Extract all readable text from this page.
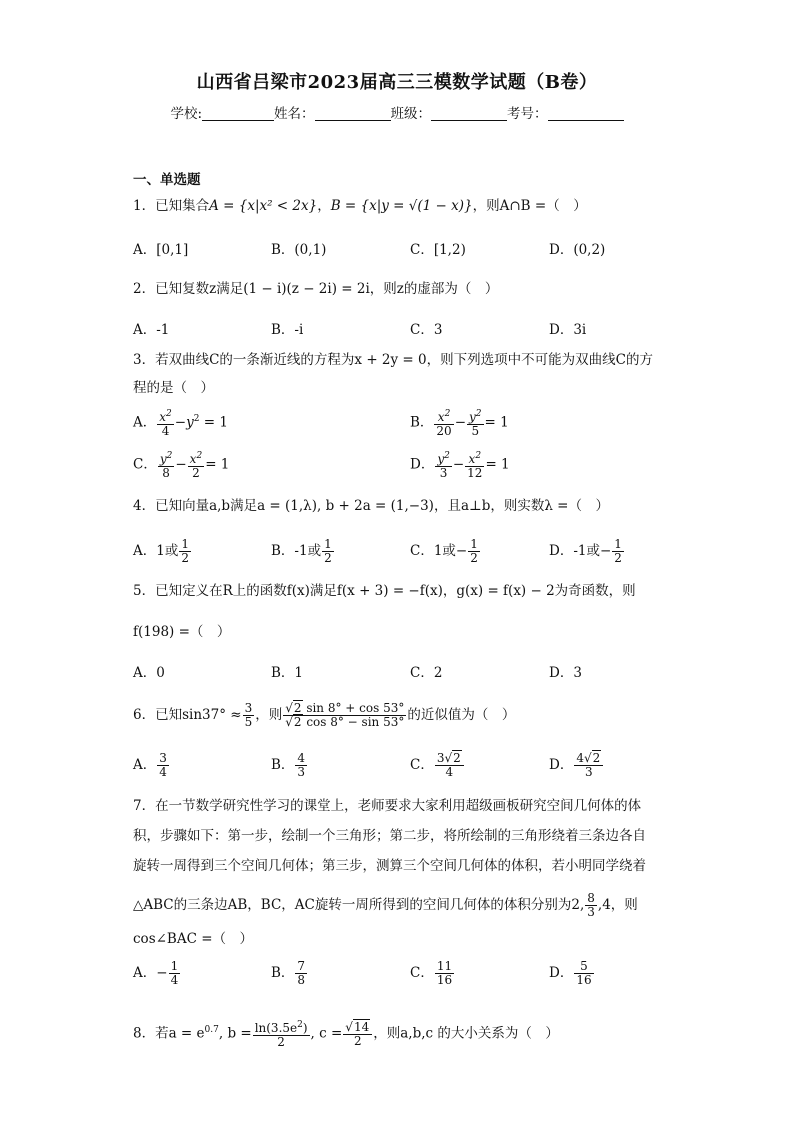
山西省吕梁市2023届高三三模数学试题（B卷）
学校:	姓名：	班级：	考号：
一、单选题
1．已知集合A = {x|x² < 2x}，B = {x|y = √(1 − x)}，则A∩B =（　）
A．[0,1]	B．(0,1)	C．[1,2)	D．(0,2)
2．已知复数z满足(1 − i)(z − 2i) = 2i，则z的虚部为（　）
A．-1	B．-i	C．3	D．3i
3．若双曲线C的一条渐近线的方程为x + 2y = 0，则下列选项中不可能为双曲线C的方
程的是（　）
A． $\frac{x^2}{4} -y^2 = 1$	B． $\frac{x^2}{20} - \frac{y^2}{5} = 1$
C． $\frac{y^2}{8} - \frac{x^2}{2} = 1$	D． $\frac{y^2}{3} - \frac{x^2}{12} = 1$
4．已知向量a,b满足a = (1,λ), b + 2a = (1,−3)，且a⊥b，则实数λ =（　）
A．1或 $\frac{1}{2}$	B．-1或 $\frac{1}{2}$	C．1或− $\frac{1}{2}$	D．-1或− $\frac{1}{2}$
5．已知定义在R上的函数f(x)满足f(x + 3) = −f(x)，g(x) = f(x) − 2为奇函数，则
f(198) =（　）
A．0	B．1	C．2	D．3
6．已知$\sin 37^\circ \approx \frac{3}{5}$ ，则 $\frac{√2 \sin 8^\circ + \cos 53^\circ}{√2 \cos 8^\circ - \sin 53^\circ}$ 的近似值为（　）
A． $\frac{3}{4}$	B． $\frac{4}{3}$	C． $\frac{3√2}{4}$	D． $\frac{4√2}{3}$
7．在一节数学研究性学习的课堂上，老师要求大家利用超级画板研究空间几何体的体
积，步骤如下：第一步，绘制一个三角形；第二步，将所绘制的三角形绕着三条边各自
旋转一周得到三个空间几何体；第三步，测算三个空间几何体的体积，若小明同学绕着
△ABC的三条边AB，BC，AC旋转一周所得到的空间几何体的体积分别为2, $\frac{8}{3} ,4$，则
cos∠BAC =（　）
A．− $\frac{1}{4}$	B． $\frac{7}{8}$	C． $\frac{11}{16}$	D． $\frac{5}{16}$
8．若$a = e^{0.7}$, $b = \frac{\ln(3.5e^2)}{2}$ , $c = \frac{√14}{2}$ ，则a,b,c 的大小关系为（　）
